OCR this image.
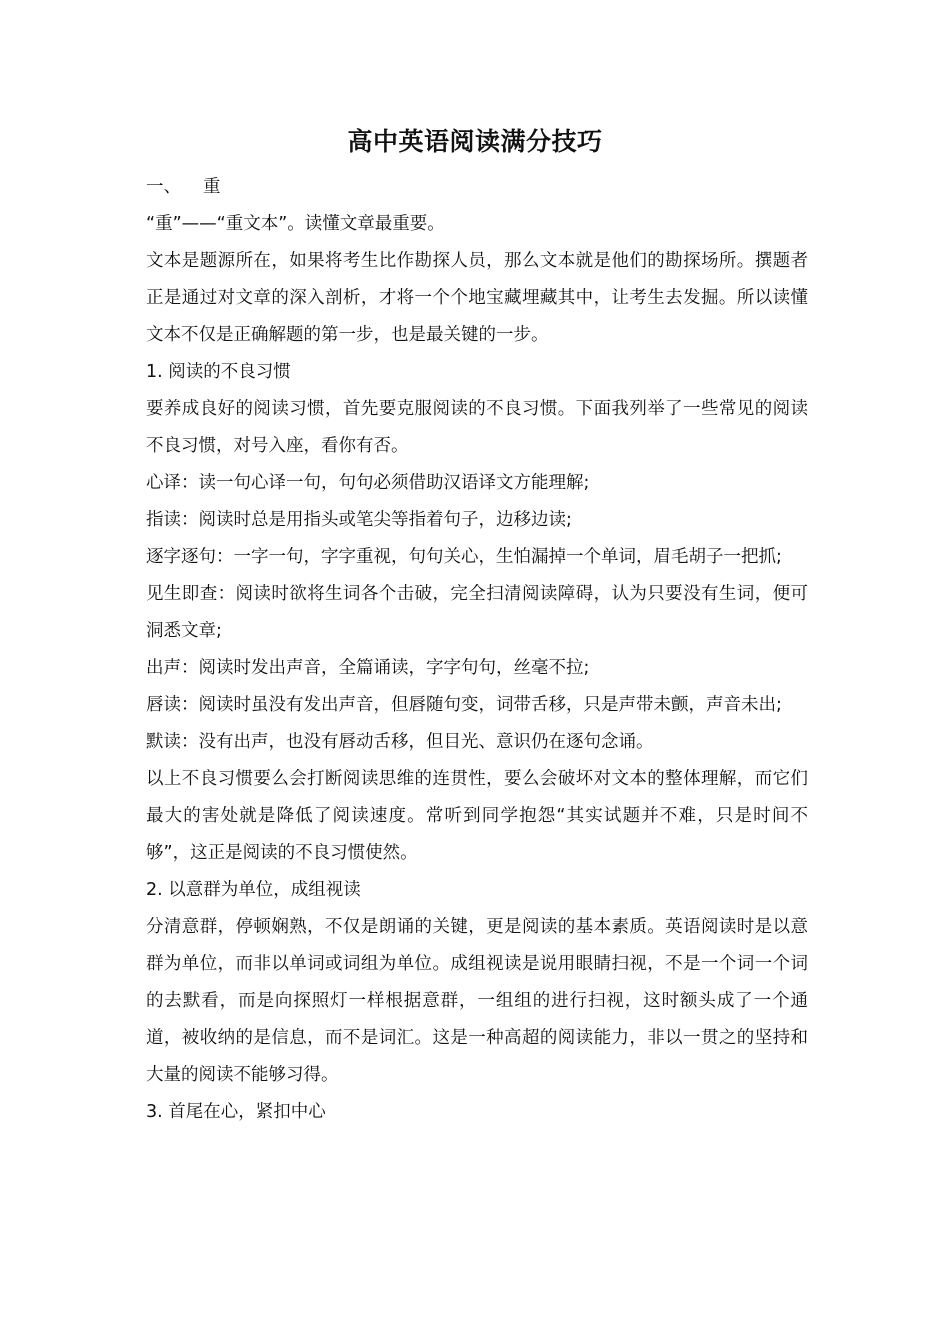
高中英语阅读满分技巧

一、 重

“重”——“重文本”。读懂文章最重要。

文本是题源所在，如果将考生比作勘探人员，那么文本就是他们的勘探场所。撰题者正是通过对文章的深入剖析，才将一个个地宝藏埋藏其中，让考生去发掘。所以读懂文本不仅是正确解题的第一步，也是最关键的一步。

1. 阅读的不良习惯

要养成良好的阅读习惯，首先要克服阅读的不良习惯。下面我列举了一些常见的阅读不良习惯，对号入座，看你有否。

心译：读一句心译一句，句句必须借助汉语译文方能理解;

指读：阅读时总是用指头或笔尖等指着句子，边移边读;

逐字逐句：一字一句，字字重视，句句关心，生怕漏掉一个单词，眉毛胡子一把抓;

见生即查：阅读时欲将生词各个击破，完全扫清阅读障碍，认为只要没有生词，便可洞悉文章;

出声：阅读时发出声音，全篇诵读，字字句句，丝毫不拉;

唇读：阅读时虽没有发出声音，但唇随句变，词带舌移，只是声带未颤，声音未出;

默读：没有出声，也没有唇动舌移，但目光、意识仍在逐句念诵。

以上不良习惯要么会打断阅读思维的连贯性，要么会破坏对文本的整体理解，而它们最大的害处就是降低了阅读速度。常听到同学抱怨“其实试题并不难，只是时间不够”，这正是阅读的不良习惯使然。

2. 以意群为单位，成组视读

分清意群，停顿娴熟，不仅是朗诵的关键，更是阅读的基本素质。英语阅读时是以意群为单位，而非以单词或词组为单位。成组视读是说用眼睛扫视，不是一个词一个词的去默看，而是向探照灯一样根据意群，一组组的进行扫视，这时额头成了一个通道，被收纳的是信息，而不是词汇。这是一种高超的阅读能力，非以一贯之的坚持和大量的阅读不能够习得。

3. 首尾在心，紧扣中心
